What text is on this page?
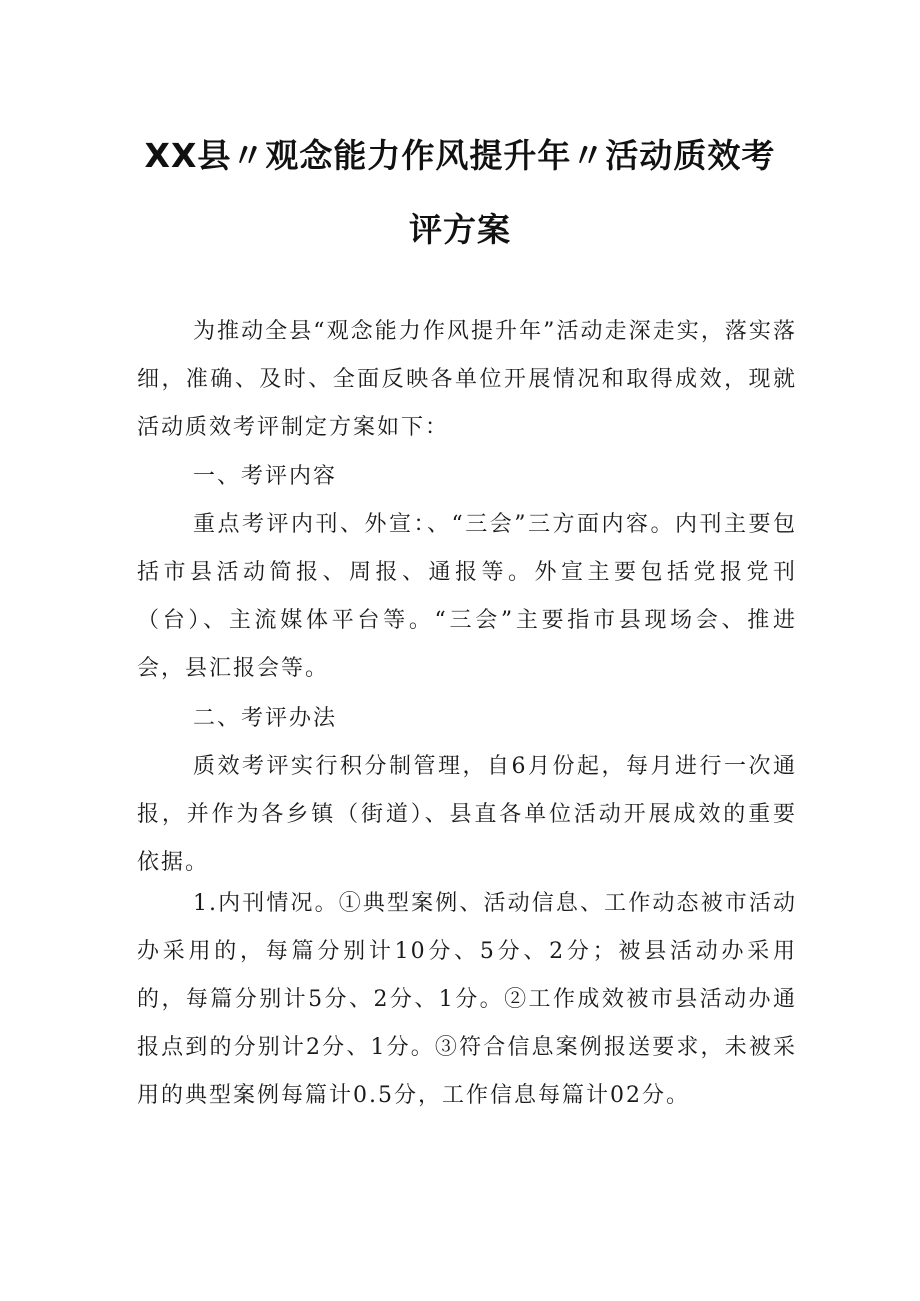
XX县〃观念能力作风提升年〃活动质效考
评方案

为推动全县“观念能力作风提升年”活动走深走实，落实落细，准确、及时、全面反映各单位开展情况和取得成效，现就活动质效考评制定方案如下：

一、考评内容

重点考评内刊、外宣：、“三会”三方面内容。内刊主要包括市县活动简报、周报、通报等。外宣主要包括党报党刊（台）、主流媒体平台等。“三会”主要指市县现场会、推进会，县汇报会等。

二、考评办法

质效考评实行积分制管理，自6月份起，每月进行一次通报，并作为各乡镇（街道）、县直各单位活动开展成效的重要依据。

1.内刊情况。①典型案例、活动信息、工作动态被市活动办采用的，每篇分别计10分、5分、2分；被县活动办采用的，每篇分别计5分、2分、1分。②工作成效被市县活动办通报点到的分别计2分、1分。③符合信息案例报送要求，未被采用的典型案例每篇计0.5分，工作信息每篇计02分。
